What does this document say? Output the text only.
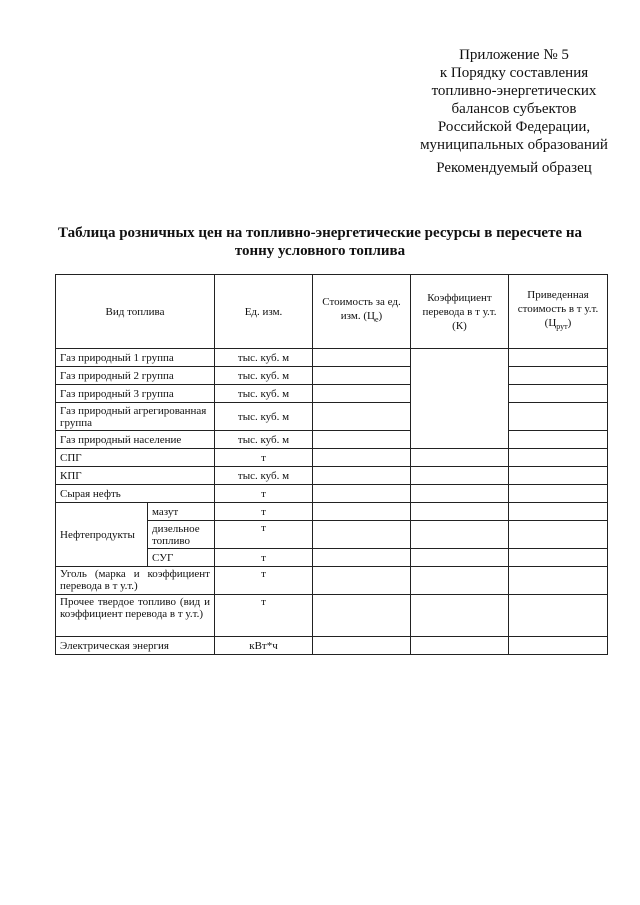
Приложение № 5
к Порядку составления
топливно-энергетических
балансов субъектов
Российской Федерации,
муниципальных образований
Рекомендуемый образец
Таблица розничных цен на топливно-энергетические ресурсы в пересчете на
тонну условного топлива
Вид топлива		Ед. изм.	Стоимость за ед. изм. $(Ц_е)$	Коэффициент перевода в т у.т. (К)	Приведенная стоимость в т у.т. $(Ц_{рут})$
Газ природный 1 группа		тыс. куб. м			
Газ природный 2 группа		тыс. куб. м			
Газ природный 3 группа		тыс. куб. м			
Газ природный агрегированная группа		тыс. куб. м			
Газ природный население		тыс. куб. м			
СПГ		т			
КПГ		тыс. куб. м			
Сырая нефть		т			
Нефтепродукты	мазут	т			
	дизельное топливо	т			
	СУГ	т			
Уголь (марка и коэффициент перевода в т у.т.)		т			
Прочее твердое топливо (вид и коэффициент перевода в т у.т.)		т			
Электрическая энергия		кВт*ч			
